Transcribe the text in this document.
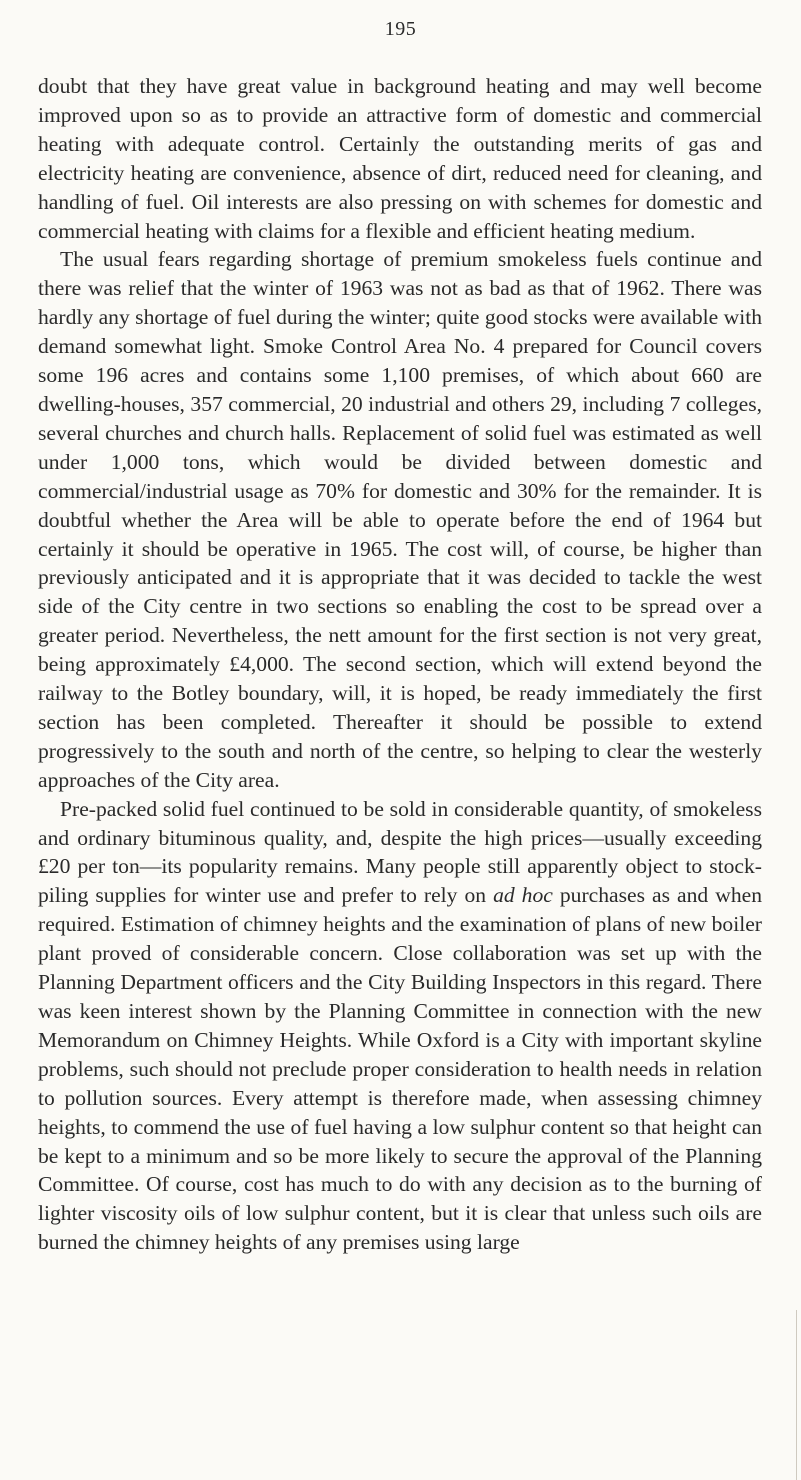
195

doubt that they have great value in background heating and may well become improved upon so as to provide an attractive form of domestic and commercial heating with adequate control. Certainly the outstanding merits of gas and electricity heating are convenience, absence of dirt, reduced need for cleaning, and handling of fuel. Oil interests are also pressing on with schemes for domestic and commercial heating with claims for a flexible and efficient heating medium.

The usual fears regarding shortage of premium smokeless fuels continue and there was relief that the winter of 1963 was not as bad as that of 1962. There was hardly any shortage of fuel during the winter; quite good stocks were available with demand somewhat light. Smoke Control Area No. 4 prepared for Council covers some 196 acres and contains some 1,100 premises, of which about 660 are dwelling-houses, 357 commercial, 20 industrial and others 29, including 7 colleges, several churches and church halls. Replacement of solid fuel was estimated as well under 1,000 tons, which would be divided between domestic and commercial/industrial usage as 70% for domestic and 30% for the remainder. It is doubtful whether the Area will be able to operate before the end of 1964 but certainly it should be operative in 1965. The cost will, of course, be higher than previously anticipated and it is appropriate that it was decided to tackle the west side of the City centre in two sections so enabling the cost to be spread over a greater period. Nevertheless, the nett amount for the first section is not very great, being approximately £4,000. The second section, which will extend beyond the railway to the Botley boundary, will, it is hoped, be ready immediately the first section has been completed. Thereafter it should be possible to extend progressively to the south and north of the centre, so helping to clear the westerly approaches of the City area.

Pre-packed solid fuel continued to be sold in considerable quantity, of smokeless and ordinary bituminous quality, and, despite the high prices—usually exceeding £20 per ton—its popularity remains. Many people still apparently object to stock-piling supplies for winter use and prefer to rely on ad hoc purchases as and when required. Estimation of chimney heights and the examination of plans of new boiler plant proved of considerable concern. Close collaboration was set up with the Planning Department officers and the City Building Inspectors in this regard. There was keen interest shown by the Planning Committee in connection with the new Memorandum on Chimney Heights. While Oxford is a City with important skyline problems, such should not preclude proper consideration to health needs in relation to pollution sources. Every attempt is therefore made, when assessing chimney heights, to commend the use of fuel having a low sulphur content so that height can be kept to a minimum and so be more likely to secure the approval of the Planning Committee. Of course, cost has much to do with any decision as to the burning of lighter viscosity oils of low sulphur content, but it is clear that unless such oils are burned the chimney heights of any premises using large
